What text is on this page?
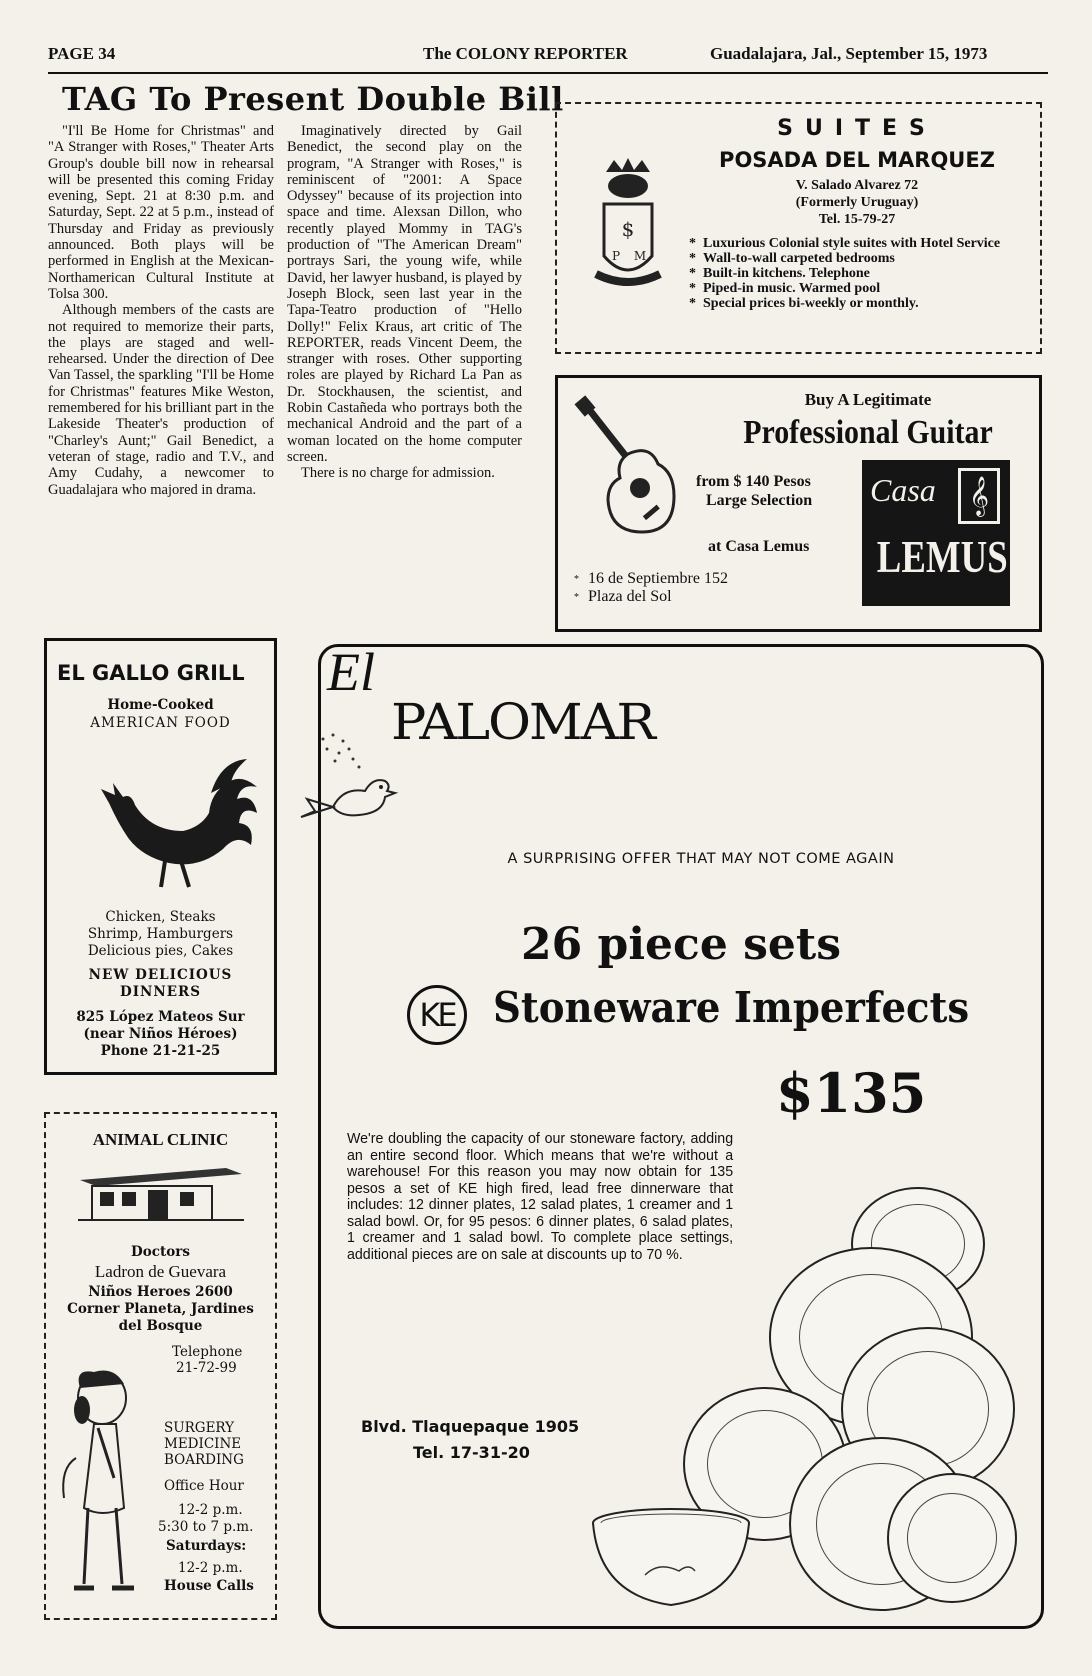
PAGE 34	The COLONY REPORTER	Guadalajara, Jal., September 15, 1973
TAG To Present Double Bill

"I'll Be Home for Christmas" and "A Stranger with Roses," Theater Arts Group's double bill now in rehearsal will be presented this coming Friday evening, Sept. 21 at 8:30 p.m. and Saturday, Sept. 22 at 5 p.m., instead of Thursday and Friday as previously announced. Both plays will be performed in English at the Mexican-Northamerican Cultural Institute at Tolsa 300.

Although members of the casts are not required to memorize their parts, the plays are staged and well-rehearsed. Under the direction of Dee Van Tassel, the sparkling "I'll be Home for Christmas" features Mike Weston, remembered for his brilliant part in the Lakeside Theater's production of "Charley's Aunt;" Gail Benedict, a veteran of stage, radio and T.V., and Amy Cudahy, a newcomer to Guadalajara who majored in drama.

Imaginatively directed by Gail Benedict, the second play on the program, "A Stranger with Roses," is reminiscent of "2001: A Space Odyssey" because of its projection into space and time. Alexsan Dillon, who recently played Mommy in TAG's production of "The American Dream" portrays Sari, the young wife, while David, her lawyer husband, is played by Joseph Block, seen last year in the Tapa-Teatro production of "Hello Dolly!" Felix Kraus, art critic of The REPORTER, reads Vincent Deem, the stranger with roses. Other supporting roles are played by Richard La Pan as Dr. Stockhausen, the scientist, and Robin Castañeda who portrays both the mechanical Android and the part of a woman located on the home computer screen.

There is no charge for admission.

$
P M
SUITES
POSADA DEL MARQUEZ
V. Salado Alvarez 72
(Formerly Uruguay)
Tel. 15-79-27
* Luxurious Colonial style suites with Hotel Service
* Wall-to-wall carpeted bedrooms
* Built-in kitchens. Telephone
* Piped-in music. Warmed pool
* Special prices bi-weekly or monthly.
Buy A Legitimate
Professional Guitar
from $ 140 Pesos
Large Selection
at Casa Lemus
Casa 𝄞
LEMUS
* 16 de Septiembre 152
* Plaza del Sol
EL GALLO GRILL
Home-Cooked
AMERICAN FOOD
Chicken, Steaks
Shrimp, Hamburgers
Delicious pies, Cakes
NEW DELICIOUS
DINNERS
825 López Mateos Sur
(near Niños Héroes)
Phone 21-21-25
ANIMAL CLINIC
Doctors
Ladron de Guevara
Niños Heroes 2600
Corner Planeta, Jardines
del Bosque
Telephone
21-72-99
SURGERY
MEDICINE
BOARDING
Office Hour
12-2 p.m.
5:30 to 7 p.m.
Saturdays:
12-2 p.m.
House Calls
El
PALOMAR
A SURPRISING OFFER THAT MAY NOT COME AGAIN
26 piece sets
KE Stoneware Imperfects
$135
We're doubling the capacity of our stoneware factory, adding an entire second floor. Which means that we're without a warehouse! For this reason you may now obtain for 135 pesos a set of KE high fired, lead free dinnerware that includes: 12 dinner plates, 12 salad plates, 1 creamer and 1 salad bowl. Or, for 95 pesos: 6 dinner plates, 6 salad plates, 1 creamer and 1 salad bowl. To complete place settings, additional pieces are on sale at discounts up to 70 %.
Blvd. Tlaquepaque 1905
Tel. 17-31-20
